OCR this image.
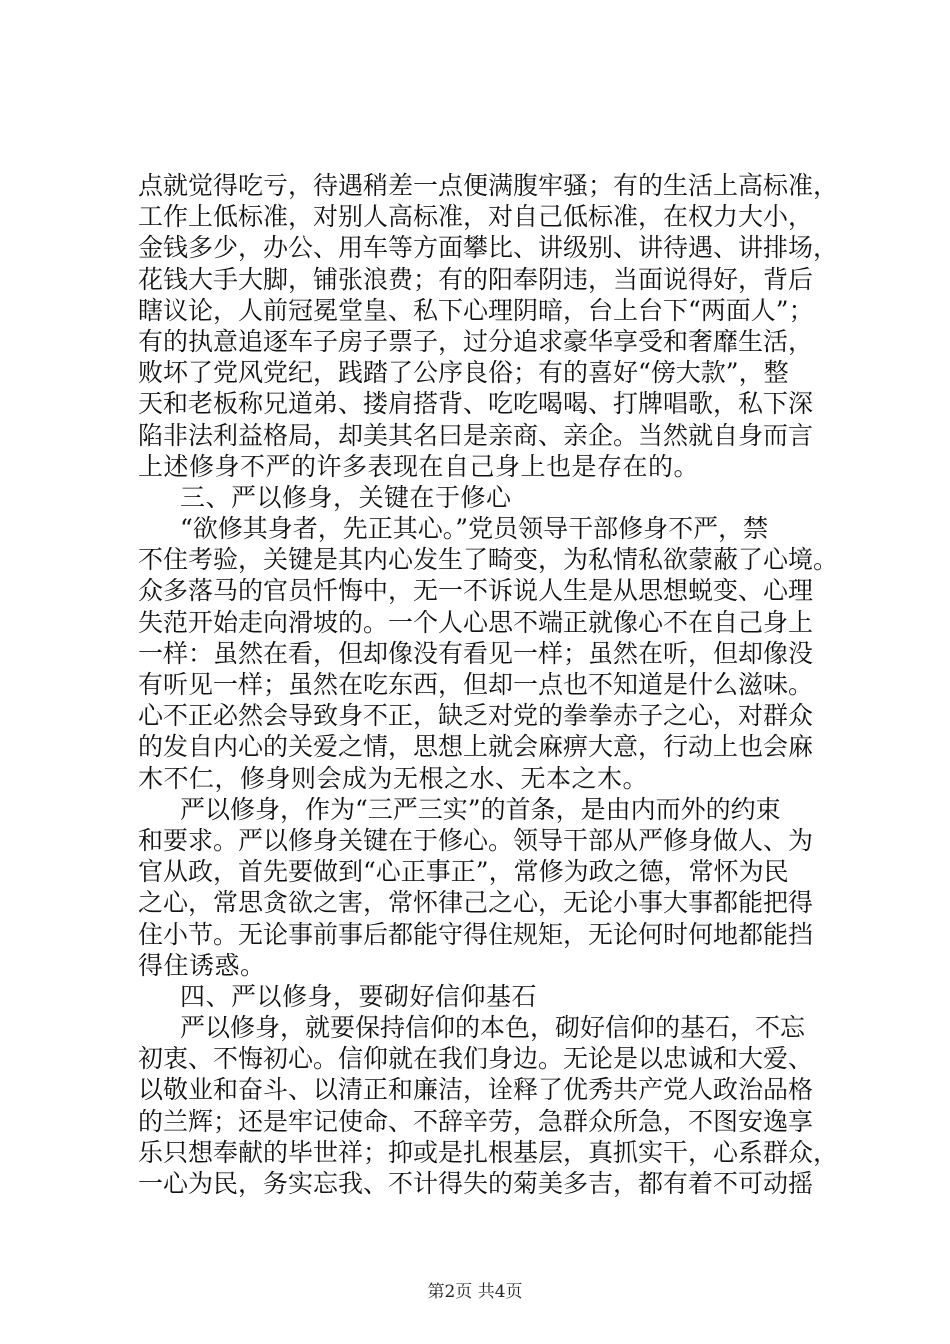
点就觉得吃亏，待遇稍差一点便满腹牢骚；有的生活上高标准，
工作上低标准，对别人高标准，对自己低标准，在权力大小，
金钱多少，办公、用车等方面攀比、讲级别、讲待遇、讲排场，
花钱大手大脚，铺张浪费；有的阳奉阴违，当面说得好，背后
瞎议论，人前冠冕堂皇、私下心理阴暗，台上台下“两面人”；
有的执意追逐车子房子票子，过分追求豪华享受和奢靡生活，
败坏了党风党纪，践踏了公序良俗；有的喜好“傍大款”，整
天和老板称兄道弟、搂肩搭背、吃吃喝喝、打牌唱歌，私下深
陷非法利益格局，却美其名曰是亲商、亲企。当然就自身而言
上述修身不严的许多表现在自己身上也是存在的。
三、严以修身，关键在于修心
“欲修其身者，先正其心。”党员领导干部修身不严，禁
不住考验，关键是其内心发生了畸变，为私情私欲蒙蔽了心境。
众多落马的官员忏悔中，无一不诉说人生是从思想蜕变、心理
失范开始走向滑坡的。一个人心思不端正就像心不在自己身上
一样：虽然在看，但却像没有看见一样；虽然在听，但却像没
有听见一样；虽然在吃东西，但却一点也不知道是什么滋味。
心不正必然会导致身不正，缺乏对党的拳拳赤子之心，对群众
的发自内心的关爱之情，思想上就会麻痹大意，行动上也会麻
木不仁，修身则会成为无根之水、无本之木。
严以修身，作为“三严三实”的首条，是由内而外的约束
和要求。严以修身关键在于修心。领导干部从严修身做人、为
官从政，首先要做到“心正事正”，常修为政之德，常怀为民
之心，常思贪欲之害，常怀律己之心，无论小事大事都能把得
住小节。无论事前事后都能守得住规矩，无论何时何地都能挡
得住诱惑。
四、严以修身，要砌好信仰基石
严以修身，就要保持信仰的本色，砌好信仰的基石，不忘
初衷、不悔初心。信仰就在我们身边。无论是以忠诚和大爱、
以敬业和奋斗、以清正和廉洁，诠释了优秀共产党人政治品格
的兰辉；还是牢记使命、不辞辛劳，急群众所急，不图安逸享
乐只想奉献的毕世祥；抑或是扎根基层，真抓实干，心系群众，
一心为民，务实忘我、不计得失的菊美多吉，都有着不可动摇
第2页 共4页
